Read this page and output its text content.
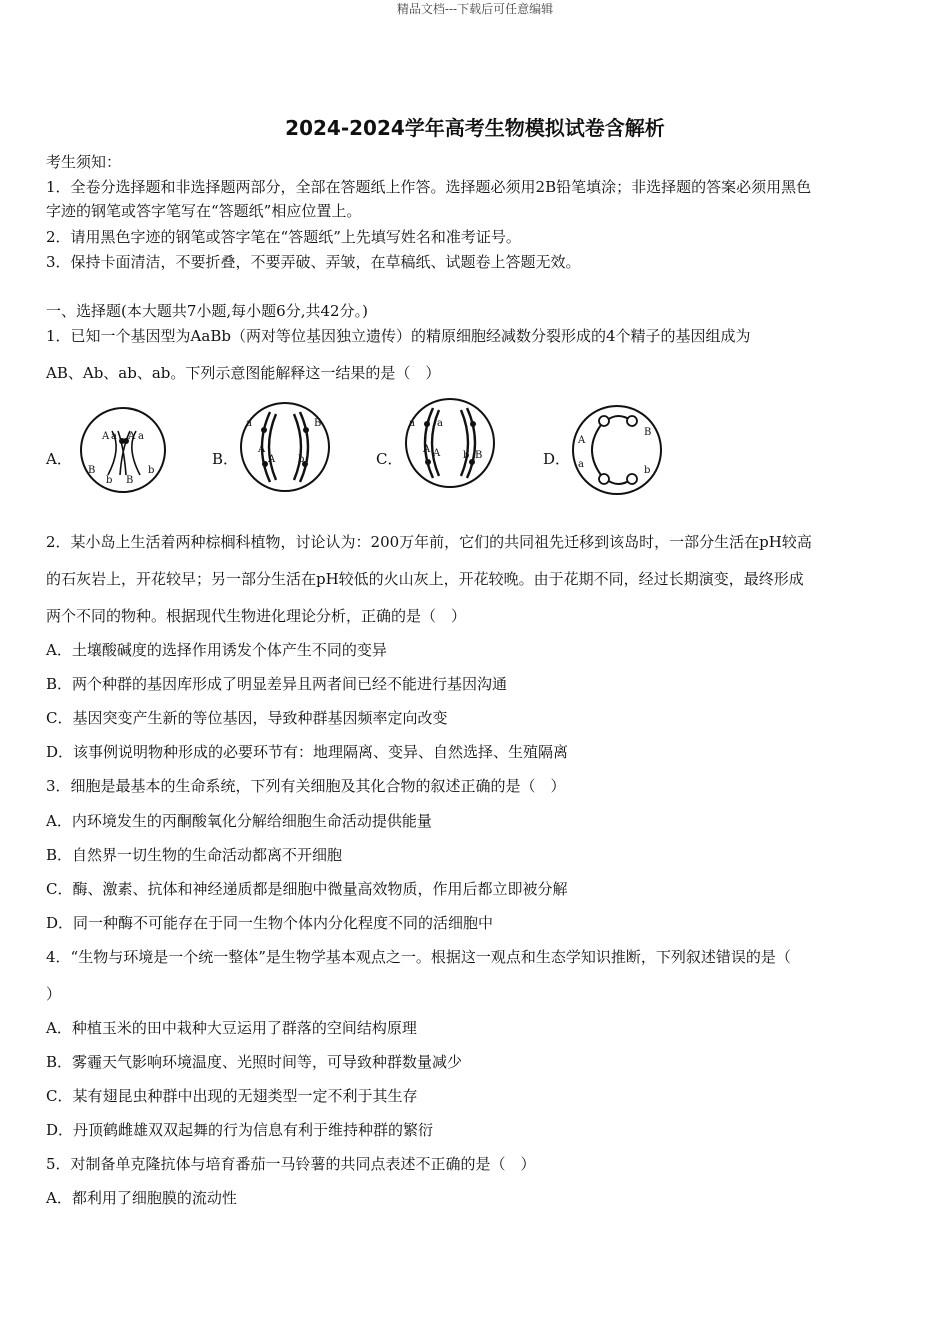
精品文档---下载后可任意编辑
2024-2024学年高考生物模拟试卷含解析
考生须知：
1．全卷分选择题和非选择题两部分，全部在答题纸上作答。选择题必须用2B铅笔填涂；非选择题的答案必须用黑色
字迹的钢笔或答字笔写在“答题纸”相应位置上。
2．请用黑色字迹的钢笔或答字笔在“答题纸”上先填写姓名和准考证号。
3．保持卡面清洁，不要折叠，不要弄破、弄皱，在草稿纸、试题卷上答题无效。
一、选择题(本大题共7小题,每小题6分,共42分。)
1．已知一个基因型为AaBb（两对等位基因独立遗传）的精原细胞经减数分裂形成的4个精子的基因组成为
AB、Ab、ab、ab。下列示意图能解释这一结果的是（　）
A．
A a A a
B
b B
b
B．
a
A
B
A b	C．
a a
A A b B	D．
A
a
B
b
2．某小岛上生活着两种棕榈科植物，讨论认为：200万年前，它们的共同祖先迁移到该岛时，一部分生活在pH较高
的石灰岩上，开花较早；另一部分生活在pH较低的火山灰上，开花较晚。由于花期不同，经过长期演变，最终形成
两个不同的物种。根据现代生物进化理论分析，正确的是（　）
A．土壤酸碱度的选择作用诱发个体产生不同的变异
B．两个种群的基因库形成了明显差异且两者间已经不能进行基因沟通
C．基因突变产生新的等位基因，导致种群基因频率定向改变
D．该事例说明物种形成的必要环节有：地理隔离、变异、自然选择、生殖隔离
3．细胞是最基本的生命系统，下列有关细胞及其化合物的叙述正确的是（　）
A．内环境发生的丙酮酸氧化分解给细胞生命活动提供能量
B．自然界一切生物的生命活动都离不开细胞
C．酶、激素、抗体和神经递质都是细胞中微量高效物质，作用后都立即被分解
D．同一种酶不可能存在于同一生物个体内分化程度不同的活细胞中
4．“生物与环境是一个统一整体”是生物学基本观点之一。根据这一观点和生态学知识推断，下列叙述错误的是（
）
A．种植玉米的田中栽种大豆运用了群落的空间结构原理
B．雾霾天气影响环境温度、光照时间等，可导致种群数量减少
C．某有翅昆虫种群中出现的无翅类型一定不利于其生存
D．丹顶鹤雌雄双双起舞的行为信息有利于维持种群的繁衍
5．对制备单克隆抗体与培育番茄一马铃薯的共同点表述不正确的是（　）
A．都利用了细胞膜的流动性
